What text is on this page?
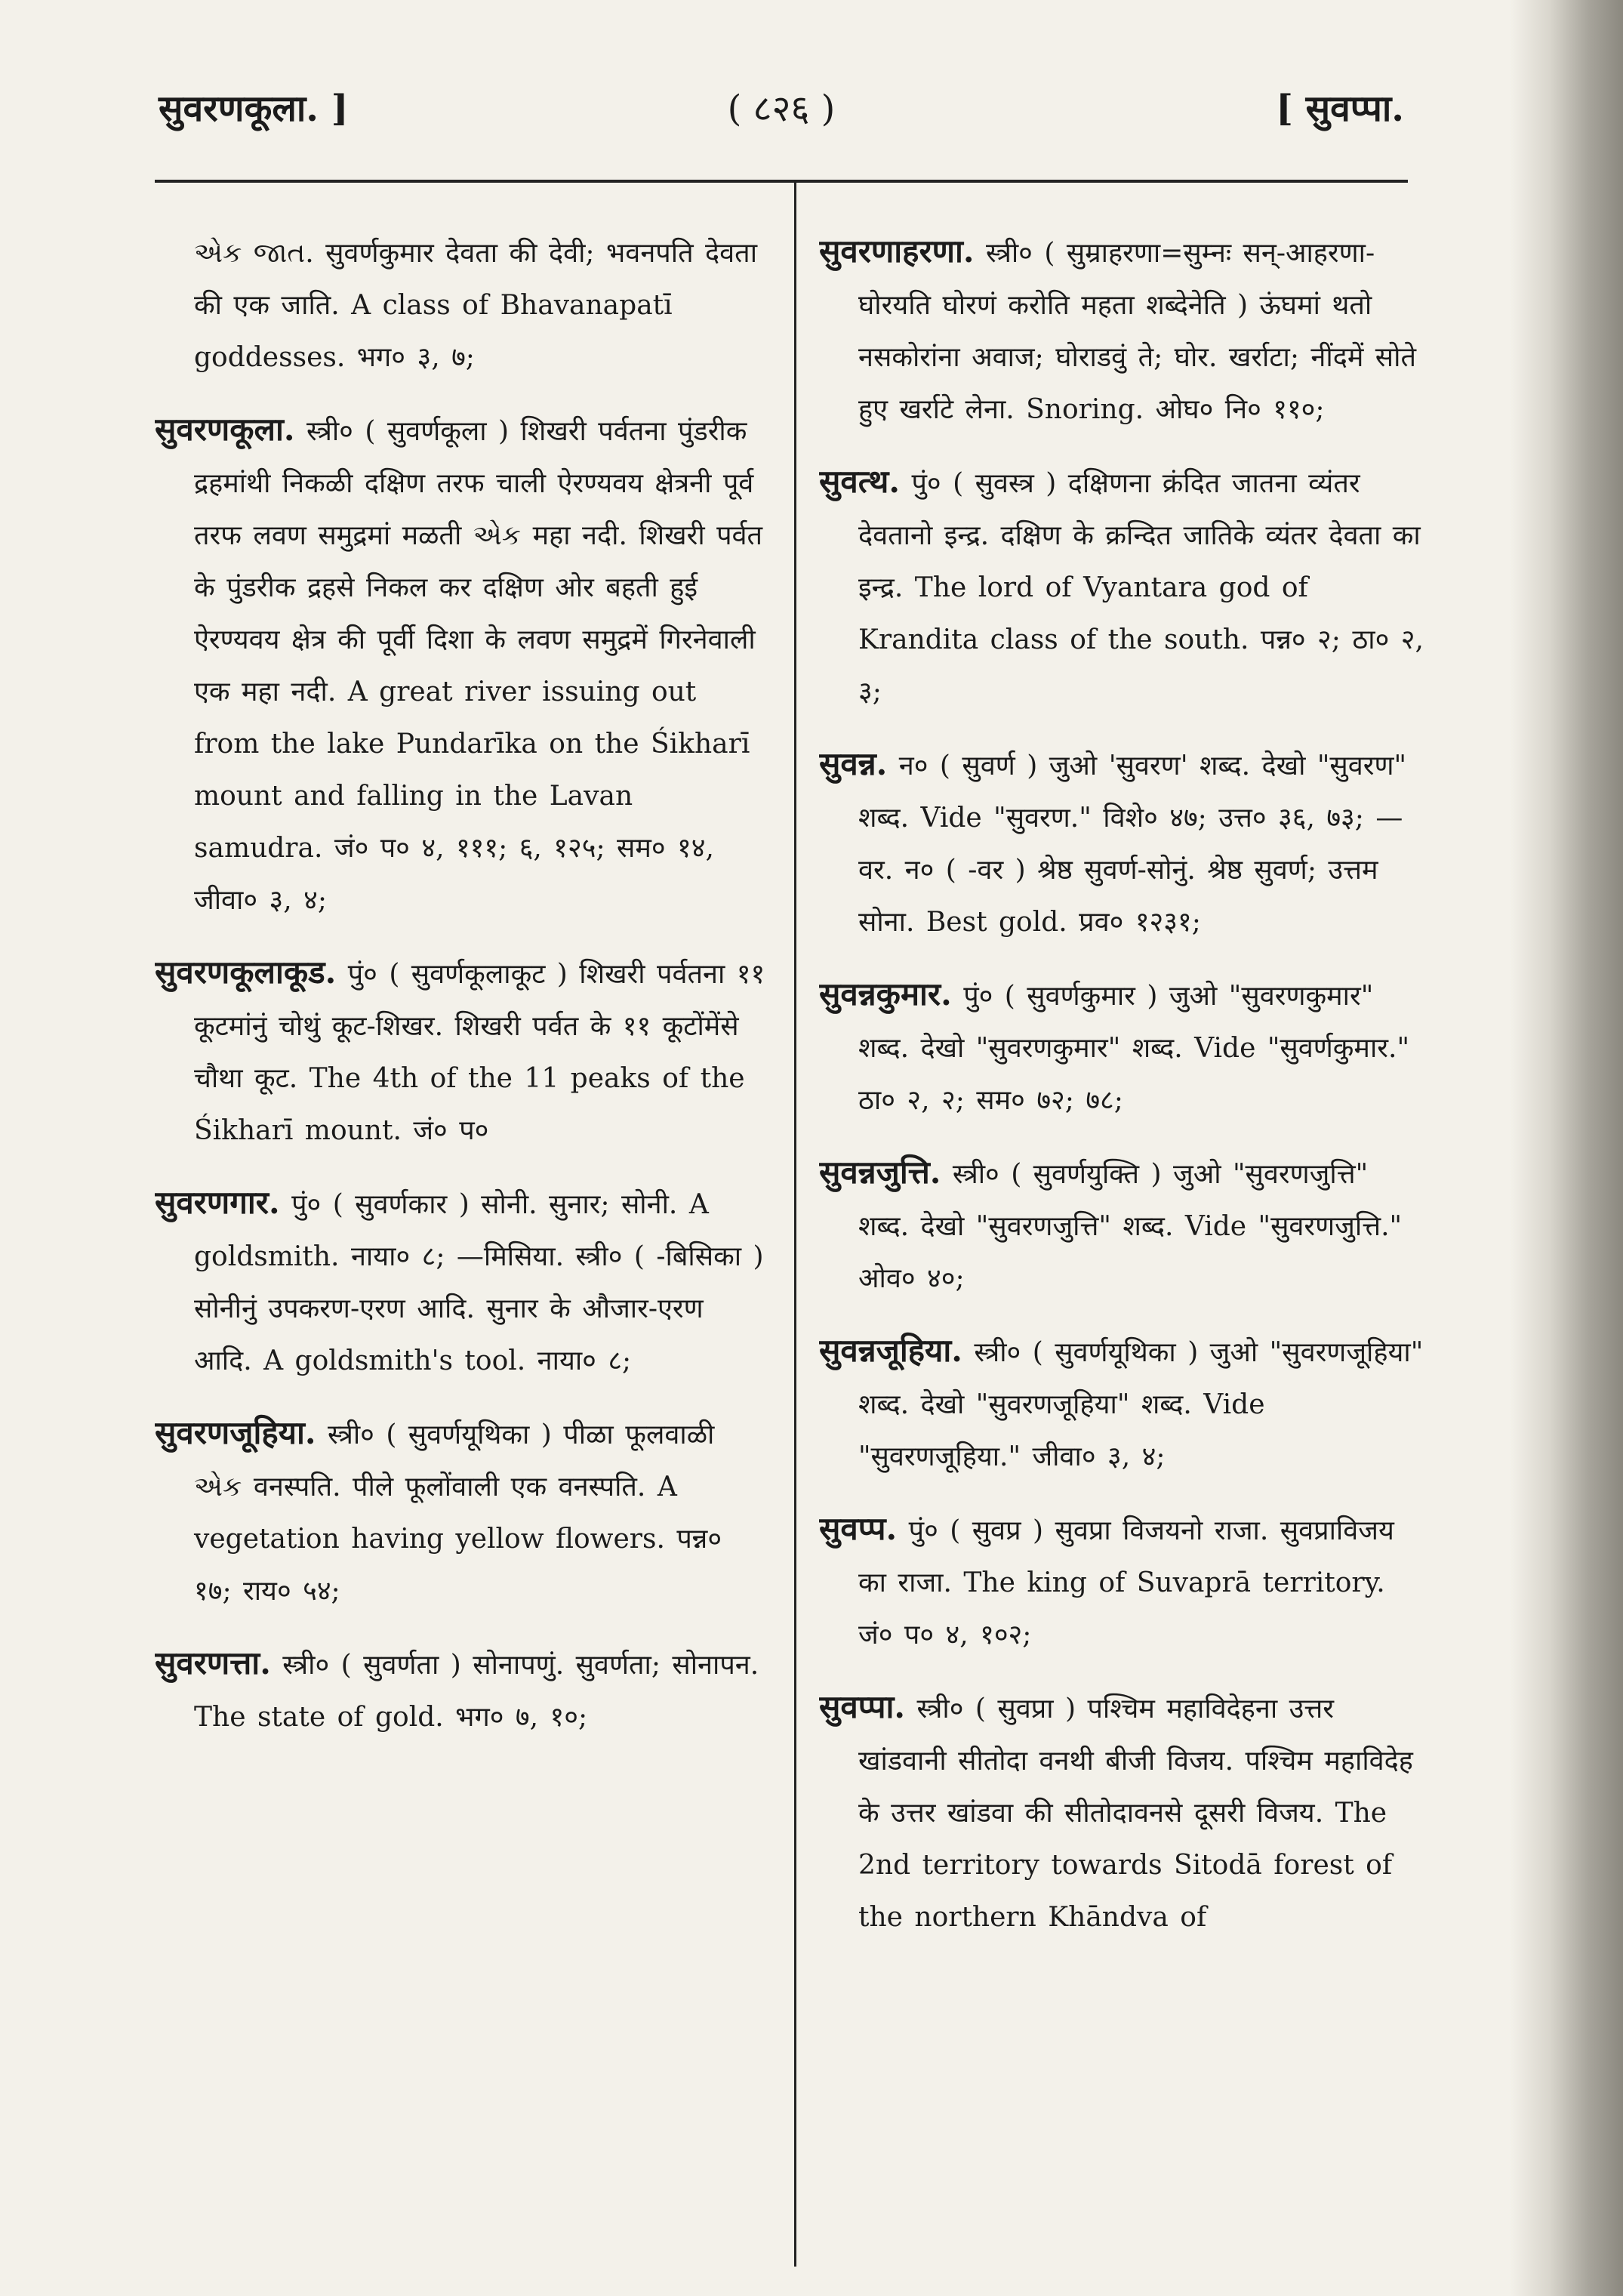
सुवरणकूला. ]	( ८२६ )	[ सुवप्पा.

એક જાત. सुवर्णकुमार देवता की देवी; भवनपति देवता की एक जाति. A class of Bhavanapatī goddesses. भग० ३, ७;

सुवरणकूला. स्त्री० ( सुवर्णकूला ) शिखरी पर्वतना पुंडरीक द्रहमांथी निकळी दक्षिण तरफ चाली ऐरण्यवय क्षेत्रनी पूर्व तरफ लवण समुद्रमां मळती એક महा नदी. शिखरी पर्वत के पुंडरीक द्रहसे निकल कर दक्षिण ओर बहती हुई ऐरण्यवय क्षेत्र की पूर्वी दिशा के लवण समुद्रमें गिरनेवाली एक महा नदी. A great river issuing out from the lake Pundarīka on the Śikharī mount and falling in the Lavan samudra. जं० प० ४, १११; ६, १२५; सम० १४, जीवा० ३, ४;

सुवरणकूलाकूड. पुं० ( सुवर्णकूलाकूट ) शिखरी पर्वतना ११ कूटमांनुं चोथुं कूट-शिखर. शिखरी पर्वत के ११ कूटोंमेंसे चौथा कूट. The 4th of the 11 peaks of the Śikharī mount. जं० प०

सुवरणगार. पुं० ( सुवर्णकार ) सोनी. सुनार; सोनी. A goldsmith. नाया० ८; —मिसिया. स्त्री० ( -बिसिका ) सोनीनुं उपकरण-एरण आदि. सुनार के औजार-एरण आदि. A goldsmith's tool. नाया० ८;

सुवरणजूहिया. स्त्री० ( सुवर्णयूथिका ) पीळा फूलवाळी એક वनस्पति. पीले फूलोंवाली एक वनस्पति. A vegetation having yellow flowers. पन्न० १७; राय० ५४;

सुवरणत्ता. स्त्री० ( सुवर्णता ) सोनापणुं. सुवर्णता; सोनापन. The state of gold. भग० ७, १०;

सुवरणाहरणा. स्त्री० ( सुम्राहरणा=सुम्नः सन्-आहरणा-घोरयति घोरणं करोति महता शब्देनेति ) ऊंघमां थतो नसकोरांना अवाज; घोराडवुं ते; घोर. खर्राटा; नींदमें सोते हुए खर्राटे लेना. Snoring. ओघ० नि० ११०;

सुवत्थ. पुं० ( सुवस्त्र ) दक्षिणना क्रंदित जातना व्यंतर देवतानो इन्द्र. दक्षिण के क्रन्दित जातिके व्यंतर देवता का इन्द्र. The lord of Vyantara god of Krandita class of the south. पन्न० २; ठा० २, ३;

सुवन्न. न० ( सुवर्ण ) जुओ 'सुवरण' शब्द. देखो "सुवरण" शब्द. Vide "सुवरण." विशे० ४७; उत्त० ३६, ७३; —वर. न० ( -वर ) श्रेष्ठ सुवर्ण-सोनुं. श्रेष्ठ सुवर्ण; उत्तम सोना. Best gold. प्रव० १२३१;

सुवन्नकुमार. पुं० ( सुवर्णकुमार ) जुओ "सुवरणकुमार" शब्द. देखो "सुवरणकुमार" शब्द. Vide "सुवर्णकुमार." ठा० २, २; सम० ७२; ७८;

सुवन्नजुत्ति. स्त्री० ( सुवर्णयुक्ति ) जुओ "सुवरणजुत्ति" शब्द. देखो "सुवरणजुत्ति" शब्द. Vide "सुवरणजुत्ति." ओव० ४०;

सुवन्नजूहिया. स्त्री० ( सुवर्णयूथिका ) जुओ "सुवरणजूहिया" शब्द. देखो "सुवरणजूहिया" शब्द. Vide "सुवरणजूहिया." जीवा० ३, ४;

सुवप्प. पुं० ( सुवप्र ) सुवप्रा विजयनो राजा. सुवप्राविजय का राजा. The king of Suvaprā territory. जं० प० ४, १०२;

सुवप्पा. स्त्री० ( सुवप्रा ) पश्चिम महाविदेहना उत्तर खांडवानी सीतोदा वनथी बीजी विजय. पश्चिम महाविदेह के उत्तर खांडवा की सीतोदावनसे दूसरी विजय. The 2nd territory towards Sitodā forest of the northern Khāndva of
